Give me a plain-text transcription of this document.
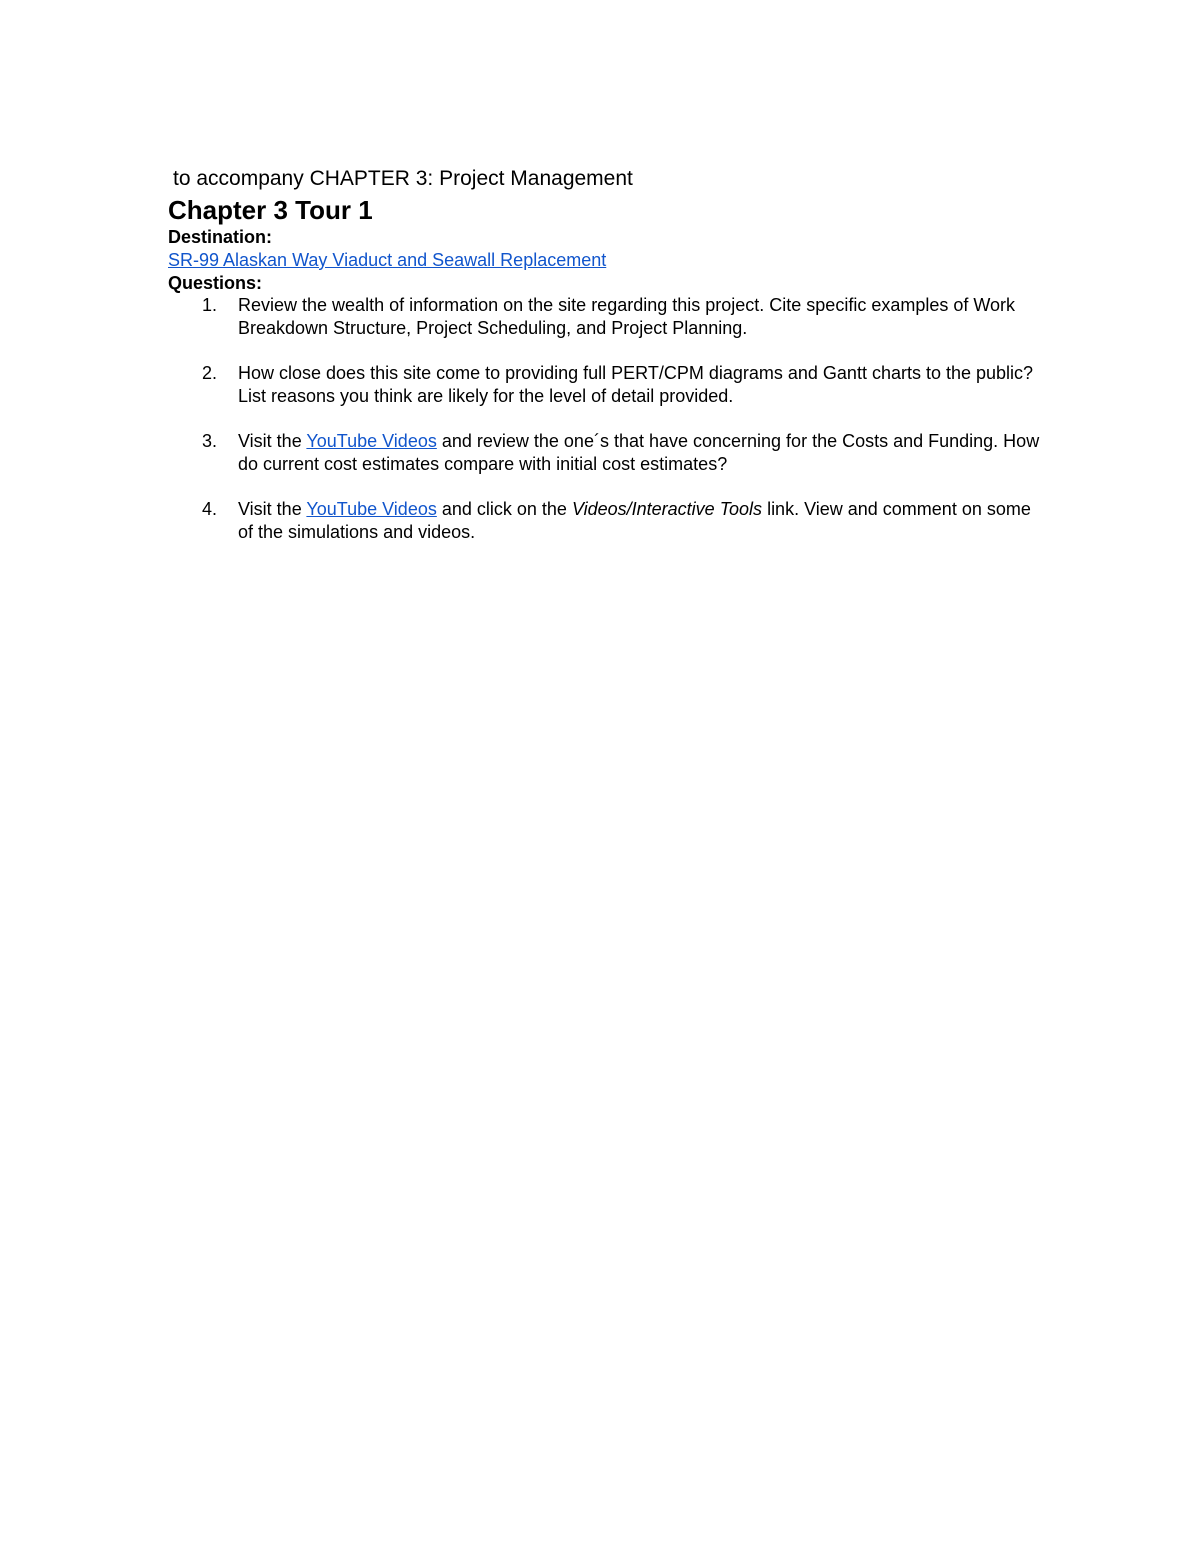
to accompany CHAPTER 3: Project Management
Chapter 3 Tour 1
Destination:
SR-99 Alaskan Way Viaduct and Seawall Replacement
Questions:
1. Review the wealth of information on the site regarding this project. Cite specific examples of Work Breakdown Structure, Project Scheduling, and Project Planning.
2. How close does this site come to providing full PERT/CPM diagrams and Gantt charts to the public? List reasons you think are likely for the level of detail provided.
3. Visit the YouTube Videos and review the one´s that have concerning for the Costs and Funding. How do current cost estimates compare with initial cost estimates?
4. Visit the YouTube Videos and click on the Videos/Interactive Tools link. View and comment on some of the simulations and videos.
